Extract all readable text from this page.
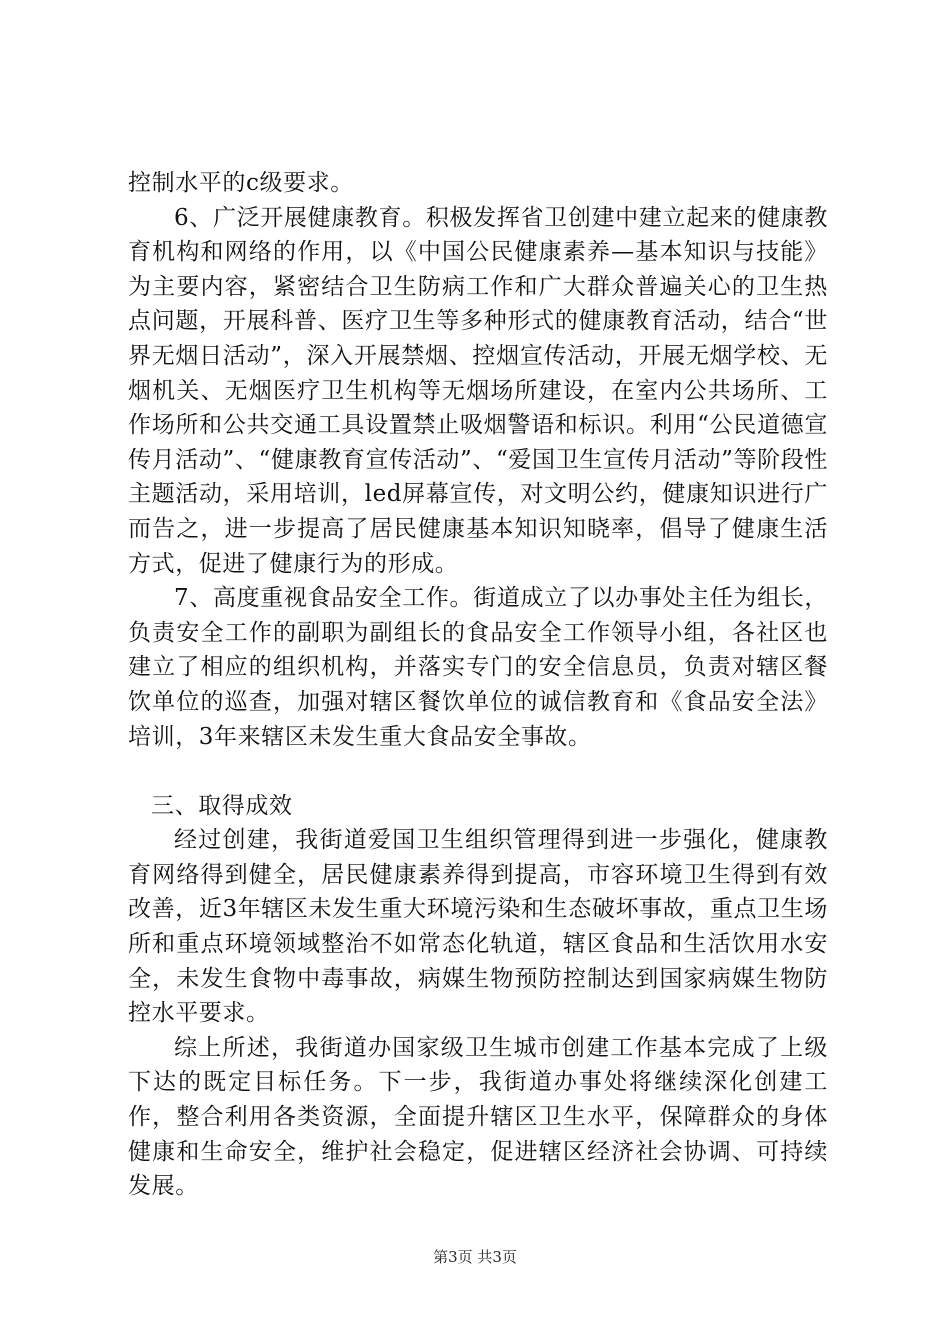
控制水平的c级要求。

6、广泛开展健康教育。积极发挥省卫创建中建立起来的健康教育机构和网络的作用，以《中国公民健康素养—基本知识与技能》为主要内容，紧密结合卫生防病工作和广大群众普遍关心的卫生热点问题，开展科普、医疗卫生等多种形式的健康教育活动，结合“世界无烟日活动”，深入开展禁烟、控烟宣传活动，开展无烟学校、无烟机关、无烟医疗卫生机构等无烟场所建设，在室内公共场所、工作场所和公共交通工具设置禁止吸烟警语和标识。利用“公民道德宣传月活动”、“健康教育宣传活动”、“爱国卫生宣传月活动”等阶段性主题活动，采用培训，led屏幕宣传，对文明公约，健康知识进行广而告之，进一步提高了居民健康基本知识知晓率，倡导了健康生活方式，促进了健康行为的形成。

7、高度重视食品安全工作。街道成立了以办事处主任为组长，负责安全工作的副职为副组长的食品安全工作领导小组，各社区也建立了相应的组织机构，并落实专门的安全信息员，负责对辖区餐饮单位的巡查，加强对辖区餐饮单位的诚信教育和《食品安全法》培训，3年来辖区未发生重大食品安全事故。

三、取得成效

经过创建，我街道爱国卫生组织管理得到进一步强化，健康教育网络得到健全，居民健康素养得到提高，市容环境卫生得到有效改善，近3年辖区未发生重大环境污染和生态破坏事故，重点卫生场所和重点环境领域整治不如常态化轨道，辖区食品和生活饮用水安全，未发生食物中毒事故，病媒生物预防控制达到国家病媒生物防控水平要求。

综上所述，我街道办国家级卫生城市创建工作基本完成了上级下达的既定目标任务。下一步，我街道办事处将继续深化创建工作，整合利用各类资源，全面提升辖区卫生水平，保障群众的身体健康和生命安全，维护社会稳定，促进辖区经济社会协调、可持续发展。

第3页 共3页
